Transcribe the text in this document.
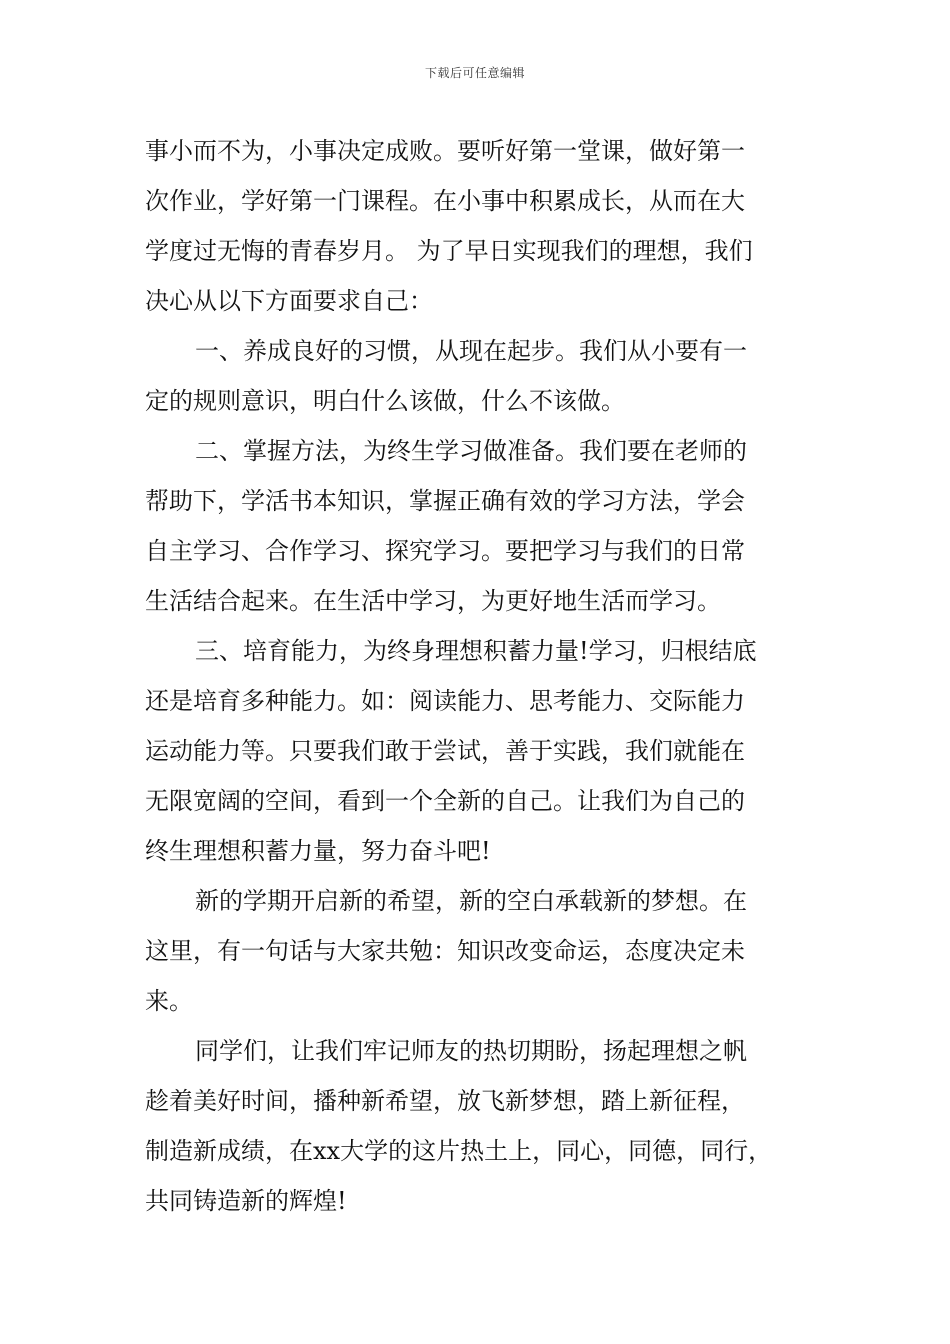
下载后可任意编辑
事小而不为，小事决定成败。要听好第一堂课，做好第一
次作业，学好第一门课程。在小事中积累成长，从而在大
学度过无悔的青春岁月。 为了早日实现我们的理想，我们
决心从以下方面要求自己：
一、养成良好的习惯，从现在起步。我们从小要有一
定的规则意识，明白什么该做，什么不该做。
二、掌握方法，为终生学习做准备。我们要在老师的
帮助下，学活书本知识，掌握正确有效的学习方法，学会
自主学习、合作学习、探究学习。要把学习与我们的日常
生活结合起来。在生活中学习，为更好地生活而学习。
三、培育能力，为终身理想积蓄力量!学习，归根结底
还是培育多种能力。如：阅读能力、思考能力、交际能力
运动能力等。只要我们敢于尝试，善于实践，我们就能在
无限宽阔的空间，看到一个全新的自己。让我们为自己的
终生理想积蓄力量，努力奋斗吧!
新的学期开启新的希望，新的空白承载新的梦想。在
这里，有一句话与大家共勉：知识改变命运，态度决定未
来。
同学们，让我们牢记师友的热切期盼，扬起理想之帆
趁着美好时间，播种新希望，放飞新梦想，踏上新征程，
制造新成绩，在xx大学的这片热土上，同心，同德，同行，
共同铸造新的辉煌!
